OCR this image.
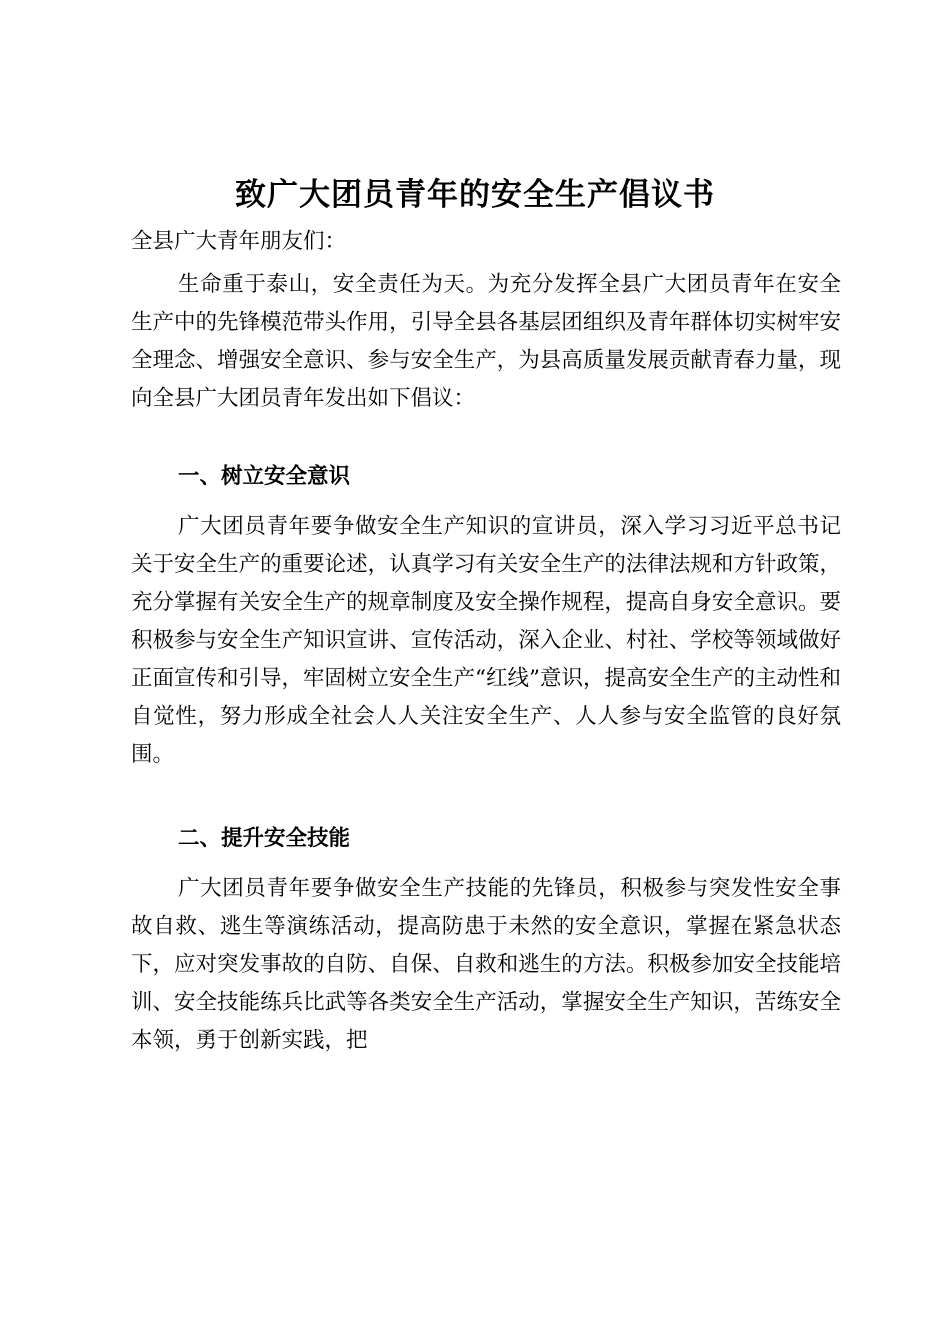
致广大团员青年的安全生产倡议书

全县广大青年朋友们：

生命重于泰山，安全责任为天。为充分发挥全县广大团员青年在安全生产中的先锋模范带头作用，引导全县各基层团组织及青年群体切实树牢安全理念、增强安全意识、参与安全生产，为县高质量发展贡献青春力量，现向全县广大团员青年发出如下倡议：

一、树立安全意识

广大团员青年要争做安全生产知识的宣讲员，深入学习习近平总书记关于安全生产的重要论述，认真学习有关安全生产的法律法规和方针政策，充分掌握有关安全生产的规章制度及安全操作规程，提高自身安全意识。要积极参与安全生产知识宣讲、宣传活动，深入企业、村社、学校等领域做好正面宣传和引导，牢固树立安全生产“红线”意识，提高安全生产的主动性和自觉性，努力形成全社会人人关注安全生产、人人参与安全监管的良好氛围。

二、提升安全技能

广大团员青年要争做安全生产技能的先锋员，积极参与突发性安全事故自救、逃生等演练活动，提高防患于未然的安全意识，掌握在紧急状态下，应对突发事故的自防、自保、自救和逃生的方法。积极参加安全技能培训、安全技能练兵比武等各类安全生产活动，掌握安全生产知识，苦练安全本领，勇于创新实践，把
